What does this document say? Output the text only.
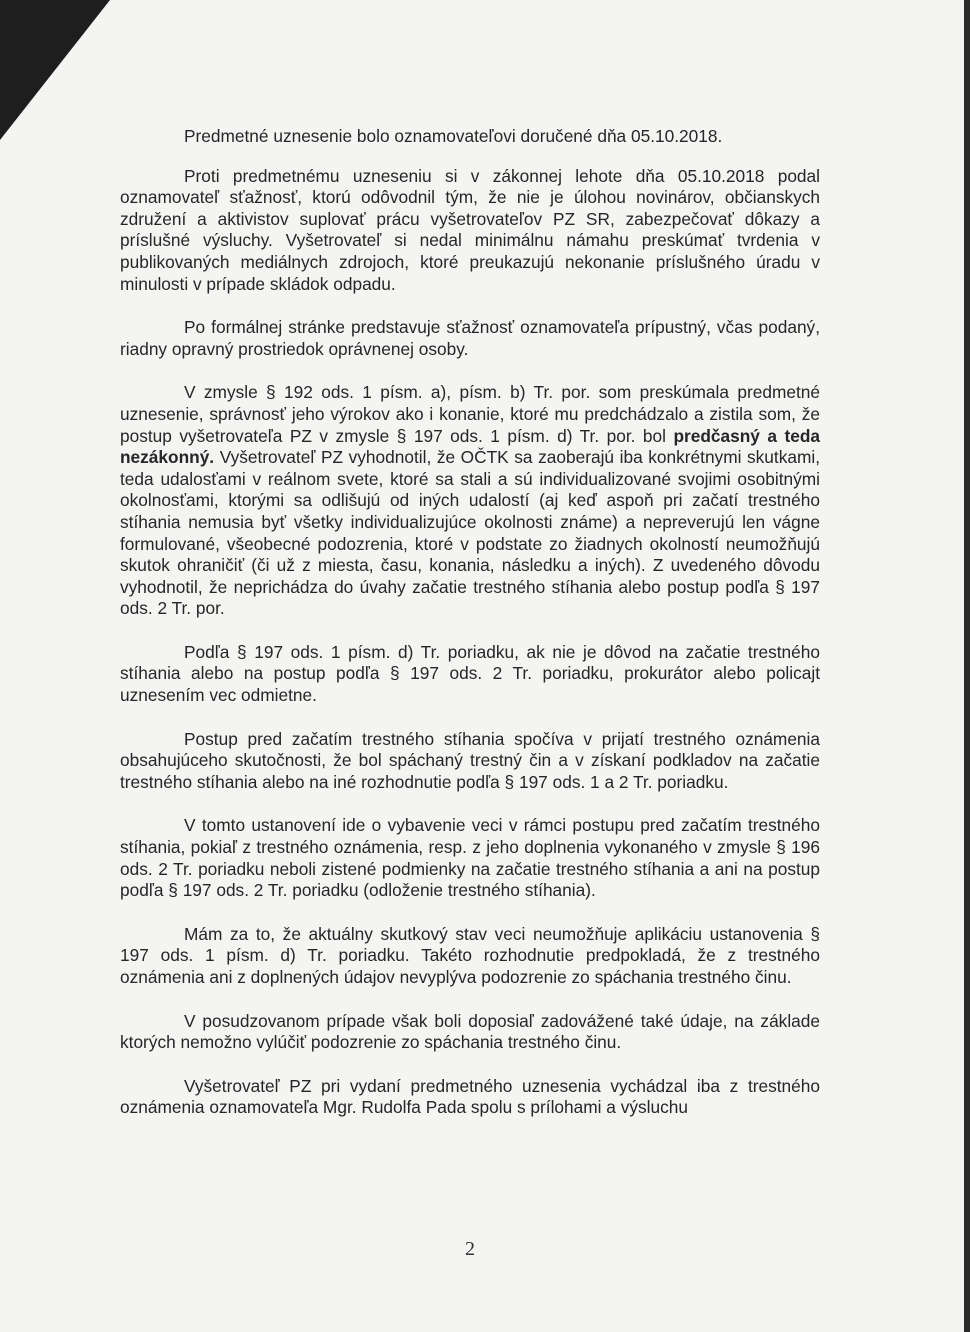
Predmetné uznesenie bolo oznamovateľovi doručené dňa 05.10.2018.

Proti predmetnému uzneseniu si v zákonnej lehote dňa 05.10.2018 podal oznamovateľ sťažnosť, ktorú odôvodnil tým, že nie je úlohou novinárov, občianskych združení a aktivistov suplovať prácu vyšetrovateľov PZ SR, zabezpečovať dôkazy a príslušné výsluchy. Vyšetrovateľ si nedal minimálnu námahu preskúmať tvrdenia v publikovaných mediálnych zdrojoch, ktoré preukazujú nekonanie príslušného úradu v minulosti v prípade skládok odpadu.

Po formálnej stránke predstavuje sťažnosť oznamovateľa prípustný, včas podaný, riadny opravný prostriedok oprávnenej osoby.

V zmysle § 192 ods. 1 písm. a), písm. b) Tr. por. som preskúmala predmetné uznesenie, správnosť jeho výrokov ako i konanie, ktoré mu predchádzalo a zistila som, že postup vyšetrovateľa PZ v zmysle § 197 ods. 1 písm. d) Tr. por. bol predčasný a teda nezákonný. Vyšetrovateľ PZ vyhodnotil, že OČTK sa zaoberajú iba konkrétnymi skutkami, teda udalosťami v reálnom svete, ktoré sa stali a sú individualizované svojimi osobitnými okolnosťami, ktorými sa odlišujú od iných udalostí (aj keď aspoň pri začatí trestného stíhania nemusia byť všetky individualizujúce okolnosti známe) a nepreverujú len vágne formulované, všeobecné podozrenia, ktoré v podstate zo žiadnych okolností neumožňujú skutok ohraničiť (či už z miesta, času, konania, následku a iných). Z uvedeného dôvodu vyhodnotil, že neprichádza do úvahy začatie trestného stíhania alebo postup podľa § 197 ods. 2 Tr. por.

Podľa § 197 ods. 1 písm. d) Tr. poriadku, ak nie je dôvod na začatie trestného stíhania alebo na postup podľa § 197 ods. 2 Tr. poriadku, prokurátor alebo policajt uznesením vec odmietne.

Postup pred začatím trestného stíhania spočíva v prijatí trestného oznámenia obsahujúceho skutočnosti, že bol spáchaný trestný čin a v získaní podkladov na začatie trestného stíhania alebo na iné rozhodnutie podľa § 197 ods. 1 a 2 Tr. poriadku.

V tomto ustanovení ide o vybavenie veci v rámci postupu pred začatím trestného stíhania, pokiaľ z trestného oznámenia, resp. z jeho doplnenia vykonaného v zmysle § 196 ods. 2 Tr. poriadku neboli zistené podmienky na začatie trestného stíhania a ani na postup podľa § 197 ods. 2 Tr. poriadku (odloženie trestného stíhania).

Mám za to, že aktuálny skutkový stav veci neumožňuje aplikáciu ustanovenia § 197 ods. 1 písm. d) Tr. poriadku. Takéto rozhodnutie predpokladá, že z trestného oznámenia ani z doplnených údajov nevyplýva podozrenie zo spáchania trestného činu.

V posudzovanom prípade však boli doposiaľ zadovážené také údaje, na základe ktorých nemožno vylúčiť podozrenie zo spáchania trestného činu.

Vyšetrovateľ PZ pri vydaní predmetného uznesenia vychádzal iba z trestného oznámenia oznamovateľa Mgr. Rudolfa Pada spolu s prílohami a výsluchu

2
